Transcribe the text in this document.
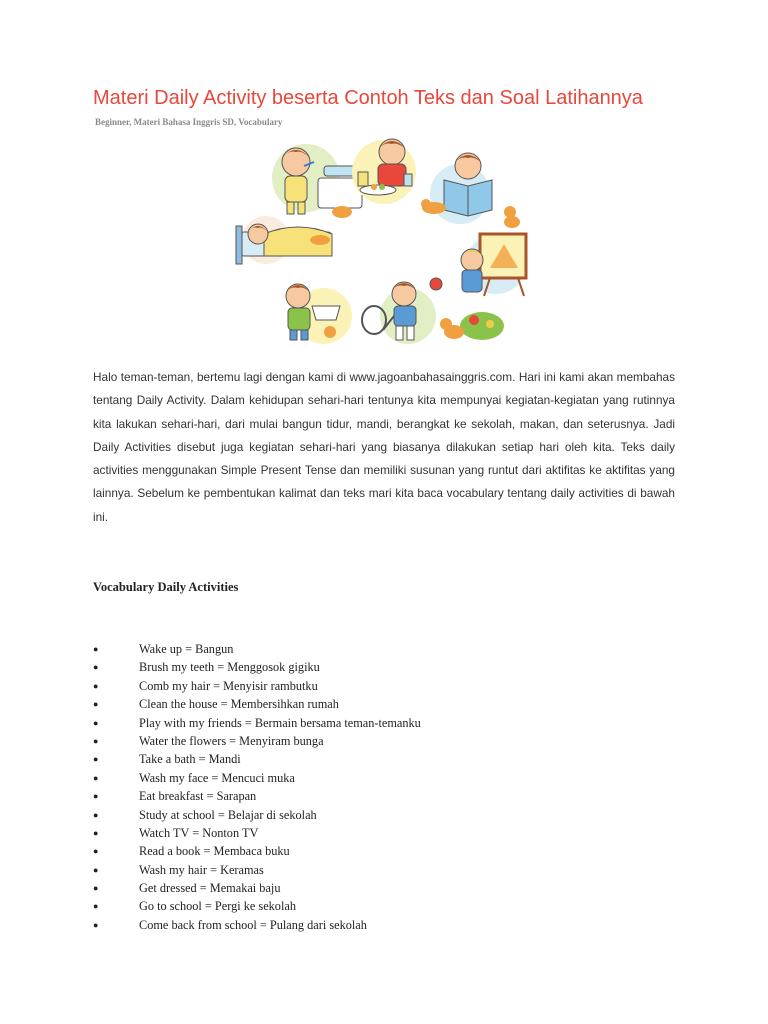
Materi Daily Activity beserta Contoh Teks dan Soal Latihannya
Beginner, Materi Bahasa Inggris SD, Vocabulary

Halo teman-teman, bertemu lagi dengan kami di www.jagoanbahasainggris.com. Hari ini kami akan membahas tentang Daily Activity. Dalam kehidupan sehari-hari tentunya kita mempunyai kegiatan-kegiatan yang rutinnya kita lakukan sehari-hari, dari mulai bangun tidur, mandi, berangkat ke sekolah, makan, dan seterusnya. Jadi Daily Activities disebut juga kegiatan sehari-hari yang biasanya dilakukan setiap hari oleh kita. Teks daily activities menggunakan Simple Present Tense dan memiliki susunan yang runtut dari aktifitas ke aktifitas yang lainnya. Sebelum ke pembentukan kalimat dan teks mari kita baca vocabulary tentang daily activities di bawah ini.

Vocabulary Daily Activities
●	Wake up = Bangun
●	Brush my teeth = Menggosok gigiku
●	Comb my hair = Menyisir rambutku
●	Clean the house = Membersihkan rumah
●	Play with my friends = Bermain bersama teman-temanku
●	Water the flowers = Menyiram bunga
●	Take a bath = Mandi
●	Wash my face = Mencuci muka
●	Eat breakfast = Sarapan
●	Study at school = Belajar di sekolah
●	Watch TV = Nonton TV
●	Read a book = Membaca buku
●	Wash my hair = Keramas
●	Get dressed = Memakai baju
●	Go to school = Pergi ke sekolah
●	Come back from school = Pulang dari sekolah
